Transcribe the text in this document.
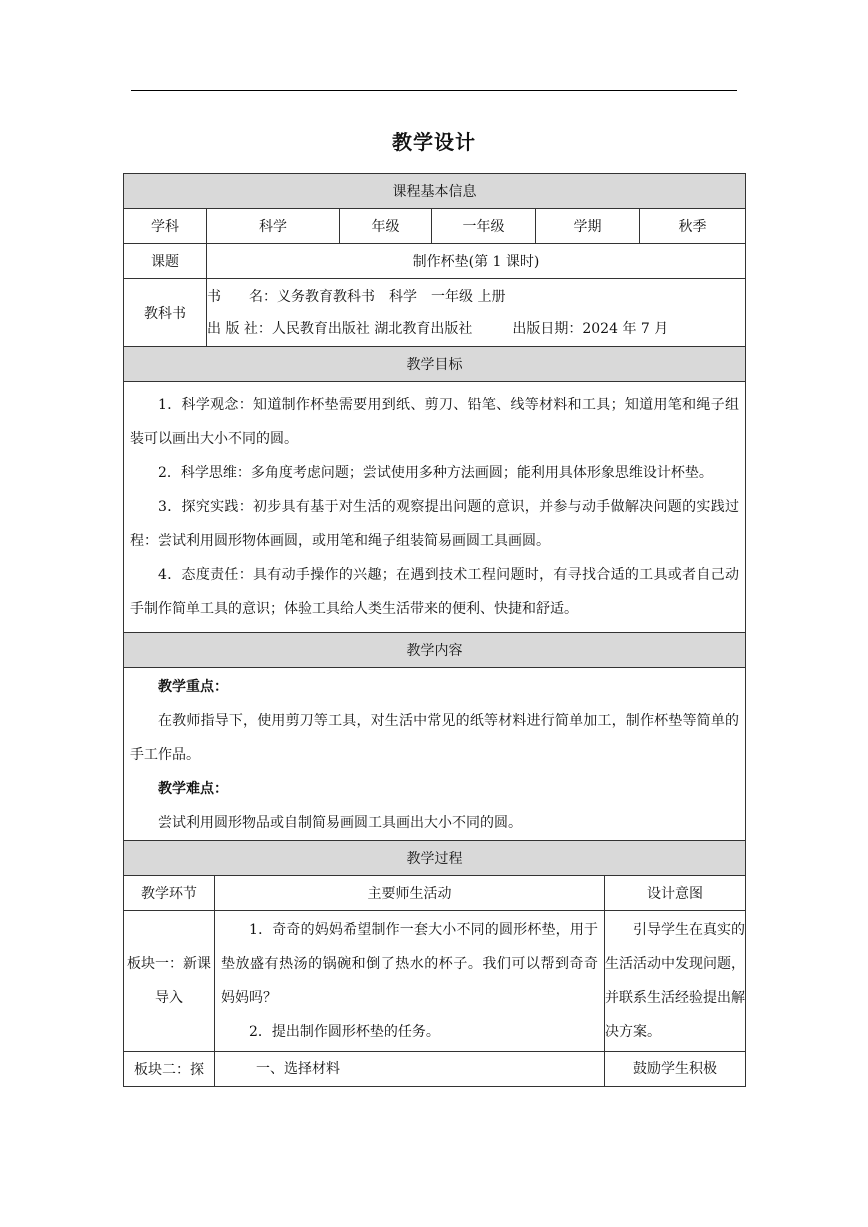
教学设计
课程基本信息							
学科	科学		年级	一年级	学期		秋季
课题	制作杯垫(第 1 课时)						
教科书	书　　名：义务教育教科书　科学　一年级 上册
出 版 社：人民教育出版社 湖北教育出版社 出版日期：2024 年 7 月						

教学目标							

1．科学观念：知道制作杯垫需要用到纸、剪刀、铅笔、线等材料和工具；知道用笔和绳子组装可以画出大小不同的圆。

2．科学思维：多角度考虑问题；尝试使用多种方法画圆；能利用具体形象思维设计杯垫。

3．探究实践：初步具有基于对生活的观察提出问题的意识，并参与动手做解决问题的实践过程：尝试利用圆形物体画圆，或用笔和绳子组装简易画圆工具画圆。

4．态度责任：具有动手操作的兴趣；在遇到技术工程问题时，有寻找合适的工具或者自己动手制作简单工具的意识；体验工具给人类生活带来的便利、快捷和舒适。							

教学内容							

教学重点：

在教师指导下，使用剪刀等工具，对生活中常见的纸等材料进行简单加工，制作杯垫等简单的手工作品。

教学难点：

尝试利用圆形物品或自制简易画圆工具画出大小不同的圆。							

教学过程							
教学环节		主要师生活动				设计意图	
板块一：新课导入		1．奇奇的妈妈希望制作一套大小不同的圆形杯垫，用于垫放盛有热汤的锅碗和倒了热水的杯子。我们可以帮到奇奇妈妈吗？

2．提出制作圆形杯垫的任务。				引导学生在真实的生活活动中发现问题，并联系生活经验提出解决方案。	
板块二：探		一、选择材料				鼓励学生积极	
